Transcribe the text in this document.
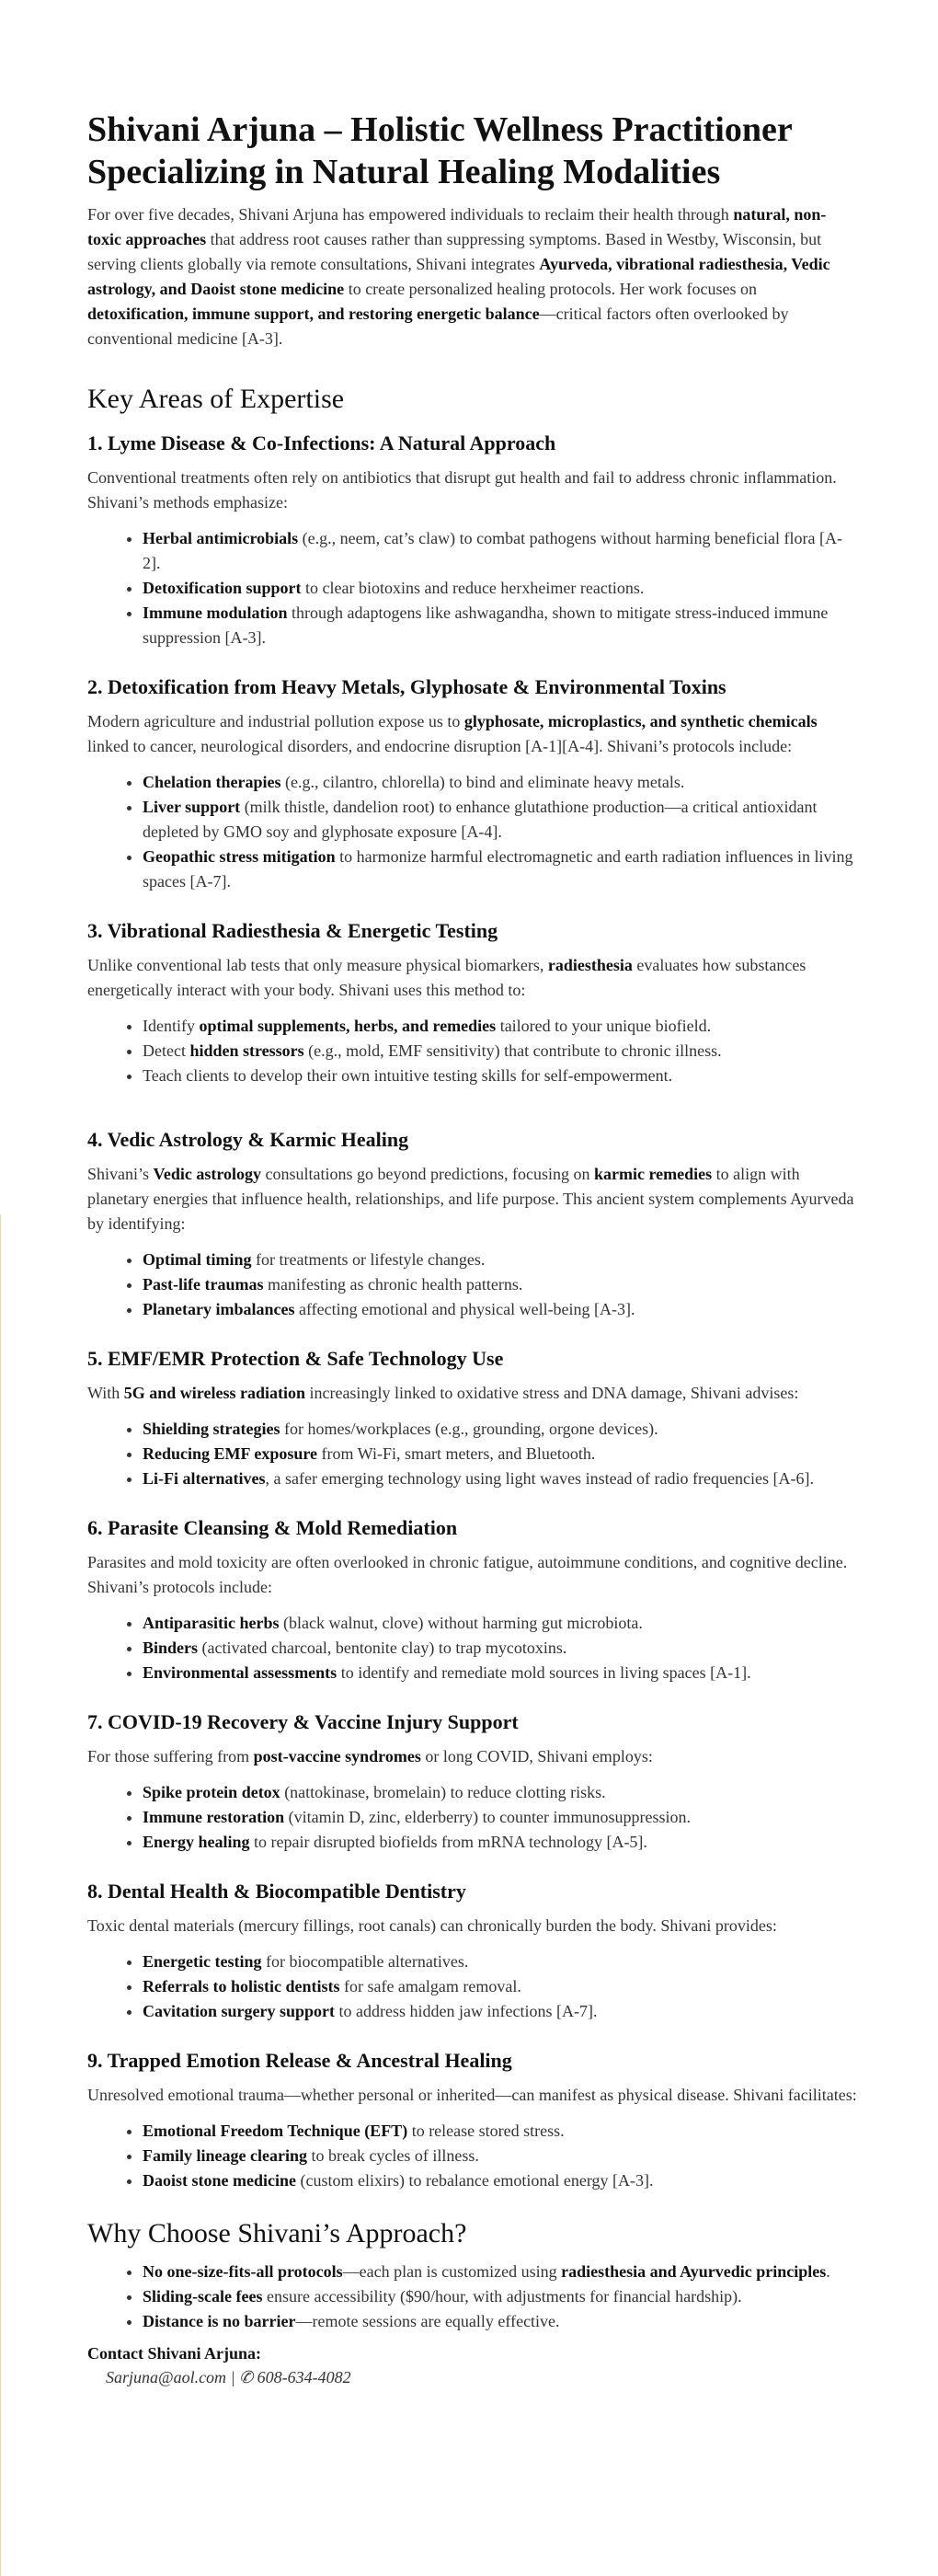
Shivani Arjuna – Holistic Wellness Practitioner Specializing in Natural Healing Modalities

For over five decades, Shivani Arjuna has empowered individuals to reclaim their health through natural, non-toxic approaches that address root causes rather than suppressing symptoms. Based in Westby, Wisconsin, but serving clients globally via remote consultations, Shivani integrates Ayurveda, vibrational radiesthesia, Vedic astrology, and Daoist stone medicine to create personalized healing protocols. Her work focuses on detoxification, immune support, and restoring energetic balance—critical factors often overlooked by conventional medicine [A-3].

Key Areas of Expertise
1. Lyme Disease & Co-Infections: A Natural Approach

Conventional treatments often rely on antibiotics that disrupt gut health and fail to address chronic inflammation. Shivani’s methods emphasize:

• Herbal antimicrobials (e.g., neem, cat’s claw) to combat pathogens without harming beneficial flora [A-2].
• Detoxification support to clear biotoxins and reduce herxheimer reactions.
• Immune modulation through adaptogens like ashwagandha, shown to mitigate stress-induced immune suppression [A-3].
2. Detoxification from Heavy Metals, Glyphosate & Environmental Toxins

Modern agriculture and industrial pollution expose us to glyphosate, microplastics, and synthetic chemicals linked to cancer, neurological disorders, and endocrine disruption [A-1][A-4]. Shivani’s protocols include:

• Chelation therapies (e.g., cilantro, chlorella) to bind and eliminate heavy metals.
• Liver support (milk thistle, dandelion root) to enhance glutathione production—a critical antioxidant depleted by GMO soy and glyphosate exposure [A-4].
• Geopathic stress mitigation to harmonize harmful electromagnetic and earth radiation influences in living spaces [A-7].
3. Vibrational Radiesthesia & Energetic Testing

Unlike conventional lab tests that only measure physical biomarkers, radiesthesia evaluates how substances energetically interact with your body. Shivani uses this method to:

• Identify optimal supplements, herbs, and remedies tailored to your unique biofield.
• Detect hidden stressors (e.g., mold, EMF sensitivity) that contribute to chronic illness.
• Teach clients to develop their own intuitive testing skills for self-empowerment.
4. Vedic Astrology & Karmic Healing

Shivani’s Vedic astrology consultations go beyond predictions, focusing on karmic remedies to align with planetary energies that influence health, relationships, and life purpose. This ancient system complements Ayurveda by identifying:

• Optimal timing for treatments or lifestyle changes.
• Past-life traumas manifesting as chronic health patterns.
• Planetary imbalances affecting emotional and physical well-being [A-3].
5. EMF/EMR Protection & Safe Technology Use

With 5G and wireless radiation increasingly linked to oxidative stress and DNA damage, Shivani advises:

• Shielding strategies for homes/workplaces (e.g., grounding, orgone devices).
• Reducing EMF exposure from Wi-Fi, smart meters, and Bluetooth.
• Li-Fi alternatives, a safer emerging technology using light waves instead of radio frequencies [A-6].
6. Parasite Cleansing & Mold Remediation

Parasites and mold toxicity are often overlooked in chronic fatigue, autoimmune conditions, and cognitive decline. Shivani’s protocols include:

• Antiparasitic herbs (black walnut, clove) without harming gut microbiota.
• Binders (activated charcoal, bentonite clay) to trap mycotoxins.
• Environmental assessments to identify and remediate mold sources in living spaces [A-1].
7. COVID-19 Recovery & Vaccine Injury Support

For those suffering from post-vaccine syndromes or long COVID, Shivani employs:

• Spike protein detox (nattokinase, bromelain) to reduce clotting risks.
• Immune restoration (vitamin D, zinc, elderberry) to counter immunosuppression.
• Energy healing to repair disrupted biofields from mRNA technology [A-5].
8. Dental Health & Biocompatible Dentistry

Toxic dental materials (mercury fillings, root canals) can chronically burden the body. Shivani provides:

• Energetic testing for biocompatible alternatives.
• Referrals to holistic dentists for safe amalgam removal.
• Cavitation surgery support to address hidden jaw infections [A-7].
9. Trapped Emotion Release & Ancestral Healing

Unresolved emotional trauma—whether personal or inherited—can manifest as physical disease. Shivani facilitates:

• Emotional Freedom Technique (EFT) to release stored stress.
• Family lineage clearing to break cycles of illness.
• Daoist stone medicine (custom elixirs) to rebalance emotional energy [A-3].
Why Choose Shivani’s Approach?
• No one-size-fits-all protocols—each plan is customized using radiesthesia and Ayurvedic principles.
• Sliding-scale fees ensure accessibility ($90/hour, with adjustments for financial hardship).
• Distance is no barrier—remote sessions are equally effective.
Contact Shivani Arjuna:
Sarjuna@aol.com | ✆ 608-634-4082
